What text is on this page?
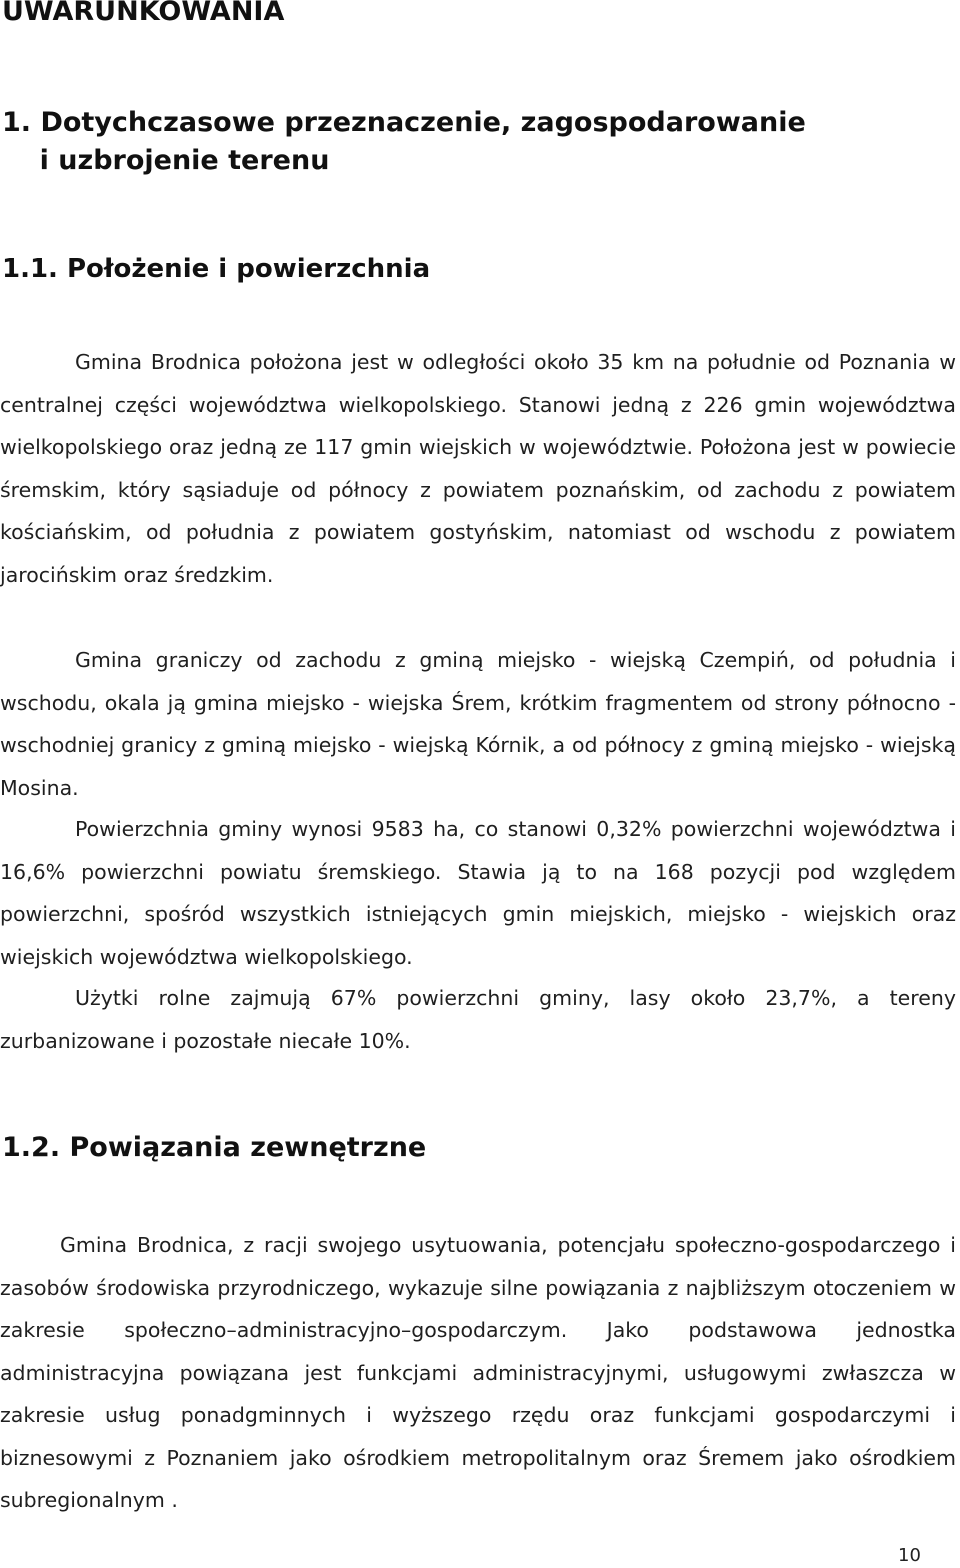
UWARUNKOWANIA
1. Dotychczasowe przeznaczenie, zagospodarowanie
i uzbrojenie terenu
1.1. Położenie i powierzchnia

Gmina Brodnica położona jest w odległości około 35 km na południe od Poznania w centralnej części województwa wielkopolskiego. Stanowi jedną z 226 gmin województwa wielkopolskiego oraz jedną ze 117 gmin wiejskich w województwie. Położona jest w powiecie śremskim, który sąsiaduje od północy z powiatem poznańskim, od zachodu z powiatem kościańskim, od południa z powiatem gostyńskim, natomiast od wschodu z powiatem jarocińskim oraz średzkim.

Gmina graniczy od zachodu z gminą miejsko - wiejską Czempiń, od południa i wschodu, okala ją gmina miejsko - wiejska Śrem, krótkim fragmentem od strony północno - wschodniej granicy z gminą miejsko - wiejską Kórnik, a od północy z gminą miejsko - wiejską Mosina.

Powierzchnia gminy wynosi 9583 ha, co stanowi 0,32% powierzchni województwa i 16,6% powierzchni powiatu śremskiego. Stawia ją to na 168 pozycji pod względem powierzchni, spośród wszystkich istniejących gmin miejskich, miejsko - wiejskich oraz wiejskich województwa wielkopolskiego.

Użytki rolne zajmują 67% powierzchni gminy, lasy około 23,7%, a tereny zurbanizowane i pozostałe niecałe 10%.

1.2. Powiązania zewnętrzne

Gmina Brodnica, z racji swojego usytuowania, potencjału społeczno-gospodarczego i zasobów środowiska przyrodniczego, wykazuje silne powiązania z najbliższym otoczeniem w zakresie społeczno–administracyjno–gospodarczym. Jako podstawowa jednostka administracyjna powiązana jest funkcjami administracyjnymi, usługowymi zwłaszcza w zakresie usług ponadgminnych i wyższego rzędu oraz funkcjami gospodarczymi i biznesowymi z Poznaniem jako ośrodkiem metropolitalnym oraz Śremem jako ośrodkiem subregionalnym .

10
